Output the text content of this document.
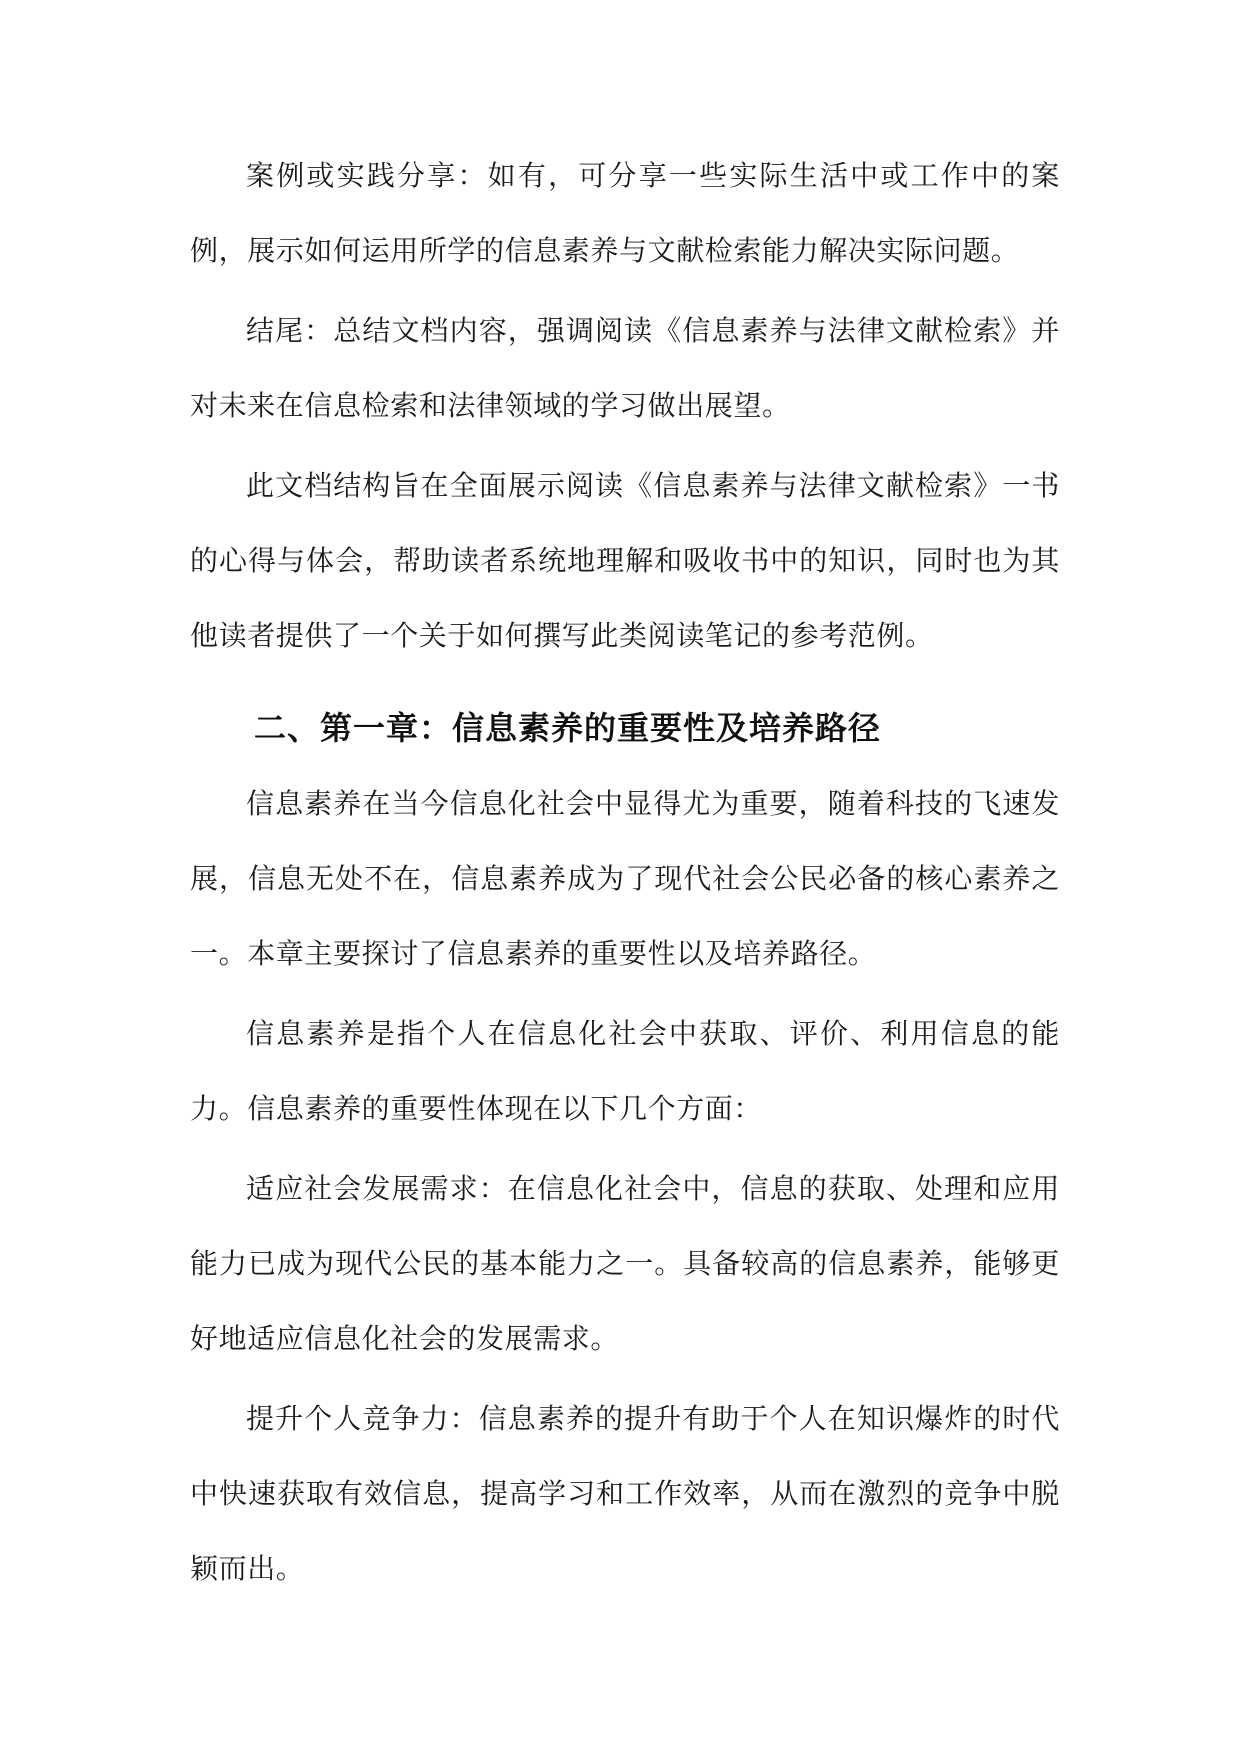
案例或实践分享：如有，可分享一些实际生活中或工作中的案例，展示如何运用所学的信息素养与文献检索能力解决实际问题。

结尾：总结文档内容，强调阅读《信息素养与法律文献检索》并对未来在信息检索和法律领域的学习做出展望。

此文档结构旨在全面展示阅读《信息素养与法律文献检索》一书的心得与体会，帮助读者系统地理解和吸收书中的知识，同时也为其他读者提供了一个关于如何撰写此类阅读笔记的参考范例。

二、第一章：信息素养的重要性及培养路径

信息素养在当今信息化社会中显得尤为重要，随着科技的飞速发展，信息无处不在，信息素养成为了现代社会公民必备的核心素养之一。本章主要探讨了信息素养的重要性以及培养路径。

信息素养是指个人在信息化社会中获取、评价、利用信息的能力。信息素养的重要性体现在以下几个方面：

适应社会发展需求：在信息化社会中，信息的获取、处理和应用能力已成为现代公民的基本能力之一。具备较高的信息素养，能够更好地适应信息化社会的发展需求。

提升个人竞争力：信息素养的提升有助于个人在知识爆炸的时代中快速获取有效信息，提高学习和工作效率，从而在激烈的竞争中脱颖而出。
